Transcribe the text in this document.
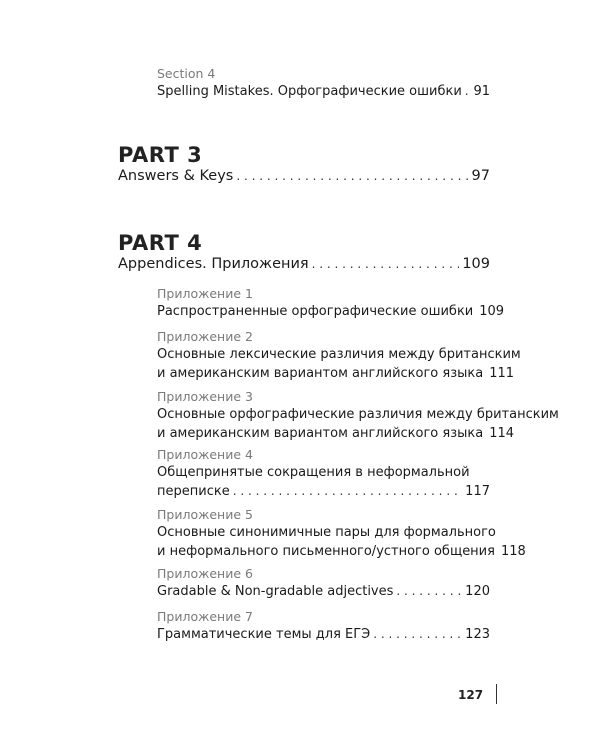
Section 4
Spelling Mistakes. Орфографические ошибки . . . 91
PART 3
Answers & Keys . . .	97
PART 4
Appendices. Приложения . . .	109
Приложение 1
Распространенные орфографические ошибки 109
Приложение 2
Основные лексические различия между британским
и американским вариантом английского языка 111
Приложение 3
Основные орфографические различия между британским
и американским вариантом английского языка 114
Приложение 4
Общепринятые сокращения в неформальной
переписке . . .	117
Приложение 5
Основные синонимичные пары для формального
и неформального письменного/устного общения 118
Приложение 6
Gradable & Non-gradable adjectives . . .	120
Приложение 7
Грамматические темы для ЕГЭ . . .	123
127
